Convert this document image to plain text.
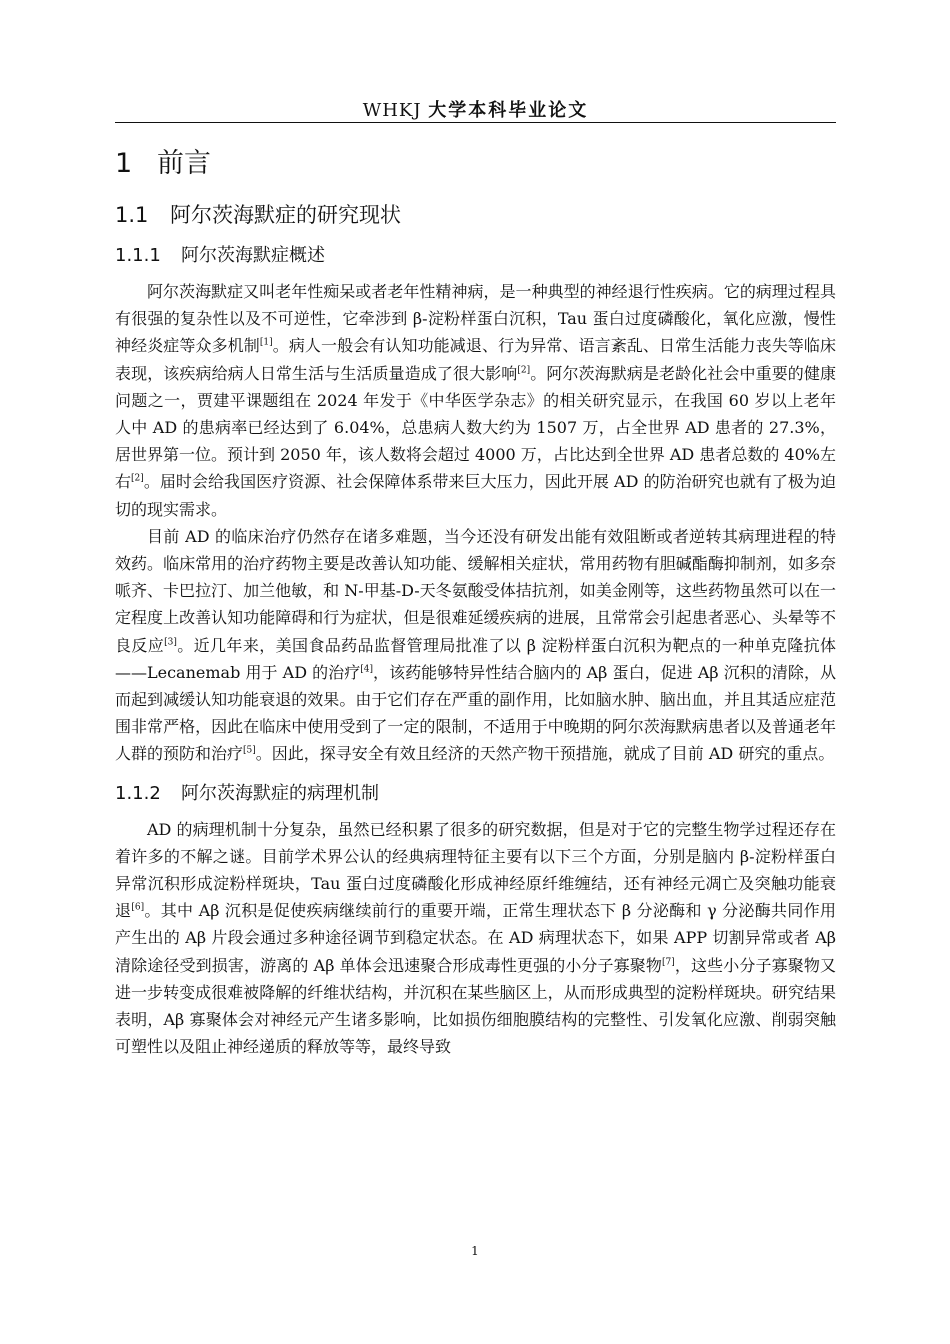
WHKJ 大学本科毕业论文
1 前言
1.1 阿尔茨海默症的研究现状
1.1.1 阿尔茨海默症概述

阿尔茨海默症又叫老年性痴呆或者老年性精神病，是一种典型的神经退行性疾病。它的病理过程具有很强的复杂性以及不可逆性，它牵涉到 β-淀粉样蛋白沉积，Tau 蛋白过度磷酸化，氧化应激，慢性神经炎症等众多机制[1]。病人一般会有认知功能减退、行为异常、语言紊乱、日常生活能力丧失等临床表现，该疾病给病人日常生活与生活质量造成了很大影响[2]。阿尔茨海默病是老龄化社会中重要的健康问题之一，贾建平课题组在 2024 年发于《中华医学杂志》的相关研究显示，在我国 60 岁以上老年人中 AD 的患病率已经达到了 6.04%，总患病人数大约为 1507 万，占全世界 AD 患者的 27.3%，居世界第一位。预计到 2050 年，该人数将会超过 4000 万，占比达到全世界 AD 患者总数的 40%左右[2]。届时会给我国医疗资源、社会保障体系带来巨大压力，因此开展 AD 的防治研究也就有了极为迫切的现实需求。

目前 AD 的临床治疗仍然存在诸多难题，当今还没有研发出能有效阻断或者逆转其病理进程的特效药。临床常用的治疗药物主要是改善认知功能、缓解相关症状，常用药物有胆碱酯酶抑制剂，如多奈哌齐、卡巴拉汀、加兰他敏，和 N-甲基-D-天冬氨酸受体拮抗剂，如美金刚等，这些药物虽然可以在一定程度上改善认知功能障碍和行为症状，但是很难延缓疾病的进展，且常常会引起患者恶心、头晕等不良反应[3]。近几年来，美国食品药品监督管理局批准了以 β 淀粉样蛋白沉积为靶点的一种单克隆抗体——Lecanemab 用于 AD 的治疗[4]，该药能够特异性结合脑内的 Aβ 蛋白，促进 Aβ 沉积的清除，从而起到减缓认知功能衰退的效果。由于它们存在严重的副作用，比如脑水肿、脑出血，并且其适应症范围非常严格，因此在临床中使用受到了一定的限制，不适用于中晚期的阿尔茨海默病患者以及普通老年人群的预防和治疗[5]。因此，探寻安全有效且经济的天然产物干预措施，就成了目前 AD 研究的重点。

1.1.2 阿尔茨海默症的病理机制

AD 的病理机制十分复杂，虽然已经积累了很多的研究数据，但是对于它的完整生物学过程还存在着许多的不解之谜。目前学术界公认的经典病理特征主要有以下三个方面，分别是脑内 β-淀粉样蛋白异常沉积形成淀粉样斑块，Tau 蛋白过度磷酸化形成神经原纤维缠结，还有神经元凋亡及突触功能衰退[6]。其中 Aβ 沉积是促使疾病继续前行的重要开端，正常生理状态下 β 分泌酶和 γ 分泌酶共同作用产生出的 Aβ 片段会通过多种途径调节到稳定状态。在 AD 病理状态下，如果 APP 切割异常或者 Aβ 清除途径受到损害，游离的 Aβ 单体会迅速聚合形成毒性更强的小分子寡聚物[7]，这些小分子寡聚物又进一步转变成很难被降解的纤维状结构，并沉积在某些脑区上，从而形成典型的淀粉样斑块。研究结果表明，Aβ 寡聚体会对神经元产生诸多影响，比如损伤细胞膜结构的完整性、引发氧化应激、削弱突触可塑性以及阻止神经递质的释放等等，最终导致

1
